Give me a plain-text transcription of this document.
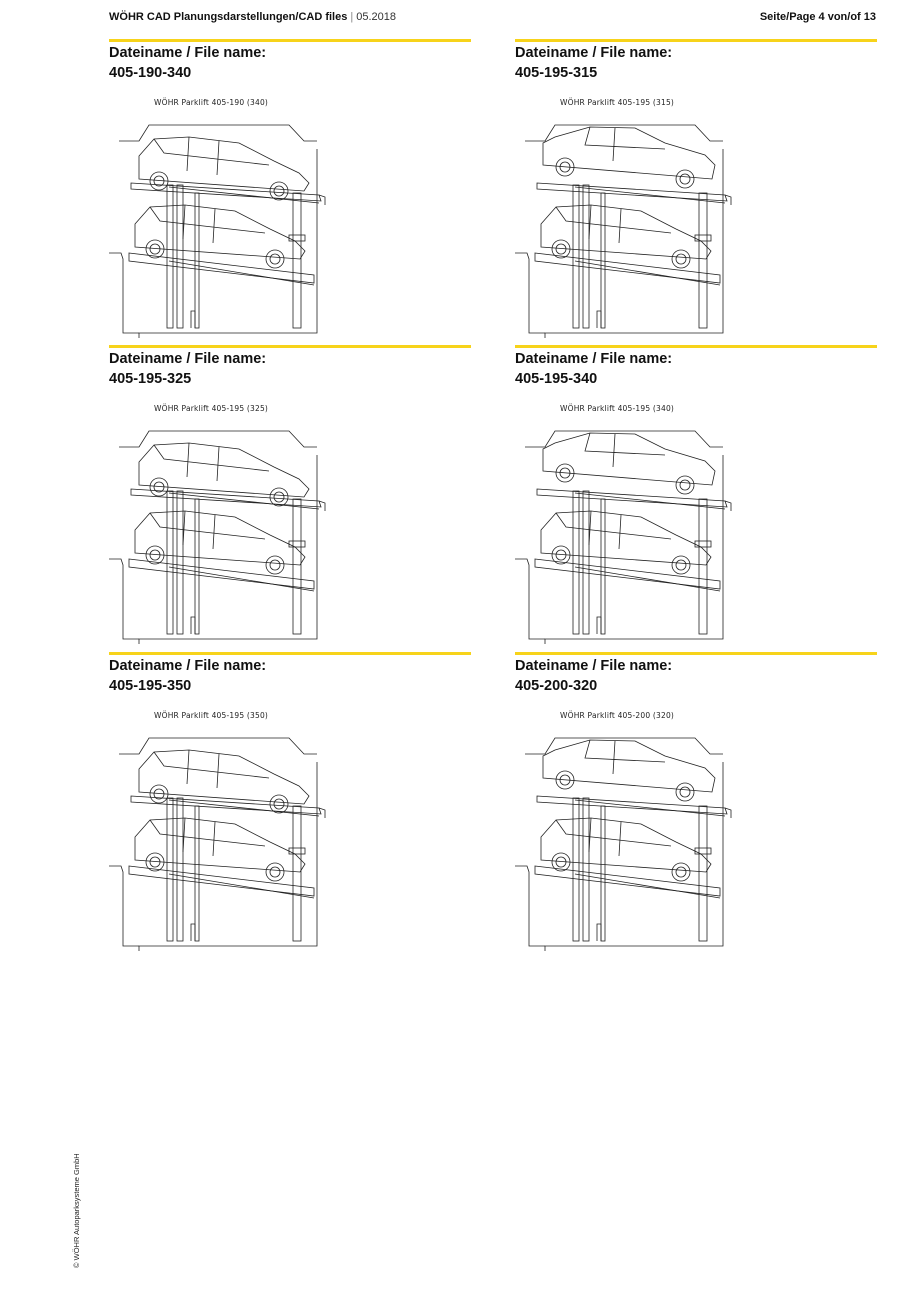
WÖHR CAD Planungsdarstellungen/CAD files | 05.2018	Seite/Page 4 von/of 13
Dateiname / File name:
405-190-340
WÖHR Parklift 405-190 (340)
Dateiname / File name:
405-195-315
WÖHR Parklift 405-195 (315)
Dateiname / File name:
405-195-325
WÖHR Parklift 405-195 (325)
Dateiname / File name:
405-195-340
WÖHR Parklift 405-195 (340)
Dateiname / File name:
405-195-350
WÖHR Parklift 405-195 (350)
Dateiname / File name:
405-200-320
WÖHR Parklift 405-200 (320)
© WÖHR Autoparksysteme GmbH
